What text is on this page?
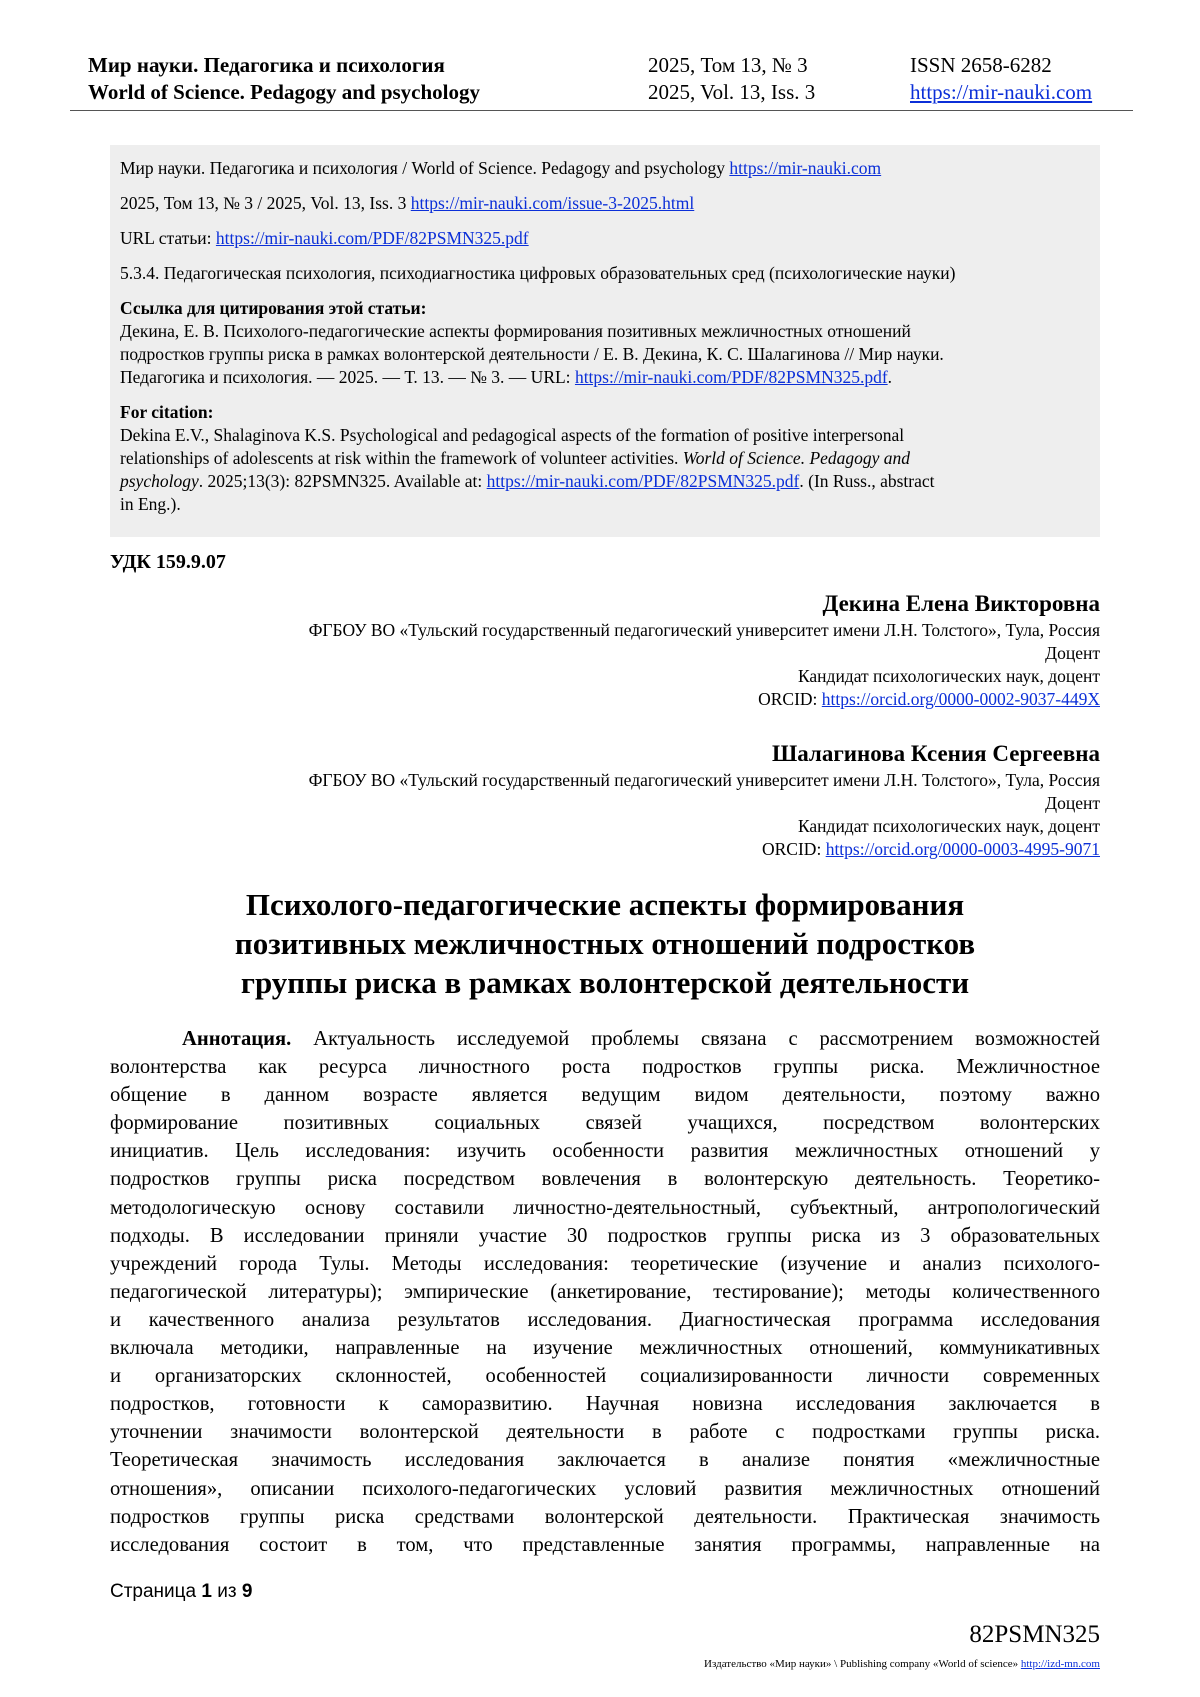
Мир науки. Педагогика и психология
World of Science. Pedagogy and psychology
2025, Том 13, № 3
2025, Vol. 13, Iss. 3
ISSN 2658-6282
https://mir-nauki.com
Мир науки. Педагогика и психология / World of Science. Pedagogy and psychology https://mir-nauki.com
2025, Том 13, № 3 / 2025, Vol. 13, Iss. 3 https://mir-nauki.com/issue-3-2025.html
URL статьи: https://mir-nauki.com/PDF/82PSMN325.pdf
5.3.4. Педагогическая психология, психодиагностика цифровых образовательных сред (психологические науки)
Ссылка для цитирования этой статьи:
Декина, Е. В. Психолого-педагогические аспекты формирования позитивных межличностных отношений
подростков группы риска в рамках волонтерской деятельности / Е. В. Декина, К. С. Шалагинова // Мир науки.
Педагогика и психология. — 2025. — Т. 13. — № 3. — URL: https://mir-nauki.com/PDF/82PSMN325.pdf.
For citation:
Dekina E.V., Shalaginova K.S. Psychological and pedagogical aspects of the formation of positive interpersonal
relationships of adolescents at risk within the framework of volunteer activities. World of Science. Pedagogy and
psychology. 2025;13(3): 82PSMN325. Available at: https://mir-nauki.com/PDF/82PSMN325.pdf. (In Russ., abstract
in Eng.).
УДК 159.9.07
Декина Елена Викторовна
ФГБОУ ВО «Тульский государственный педагогический университет имени Л.Н. Толстого», Тула, Россия
Доцент
Кандидат психологических наук, доцент
ORCID: https://orcid.org/0000-0002-9037-449X
Шалагинова Ксения Сергеевна
ФГБОУ ВО «Тульский государственный педагогический университет имени Л.Н. Толстого», Тула, Россия
Доцент
Кандидат психологических наук, доцент
ORCID: https://orcid.org/0000-0003-4995-9071
Психолого-педагогические аспекты формирования
позитивных межличностных отношений подростков
группы риска в рамках волонтерской деятельности
Аннотация. Актуальность исследуемой проблемы связана с рассмотрением возможностей
волонтерства как ресурса личностного роста подростков группы риска. Межличностное
общение в данном возрасте является ведущим видом деятельности, поэтому важно
формирование позитивных социальных связей учащихся, посредством волонтерских
инициатив. Цель исследования: изучить особенности развития межличностных отношений у
подростков группы риска посредством вовлечения в волонтерскую деятельность. Теоретико-
методологическую основу составили личностно-деятельностный, субъектный, антропологический
подходы. В исследовании приняли участие 30 подростков группы риска из 3 образовательных
учреждений города Тулы. Методы исследования: теоретические (изучение и анализ психолого-
педагогической литературы); эмпирические (анкетирование, тестирование); методы количественного
и качественного анализа результатов исследования. Диагностическая программа исследования
включала методики, направленные на изучение межличностных отношений, коммуникативных
и организаторских склонностей, особенностей социализированности личности современных
подростков, готовности к саморазвитию. Научная новизна исследования заключается в
уточнении значимости волонтерской деятельности в работе с подростками группы риска.
Теоретическая значимость исследования заключается в анализе понятия «межличностные
отношения», описании психолого-педагогических условий развития межличностных отношений
подростков группы риска средствами волонтерской деятельности. Практическая значимость
исследования состоит в том, что представленные занятия программы, направленные на
Страница 1 из 9
82PSMN325
Издательство «Мир науки» \ Publishing company «World of science» http://izd-mn.com
